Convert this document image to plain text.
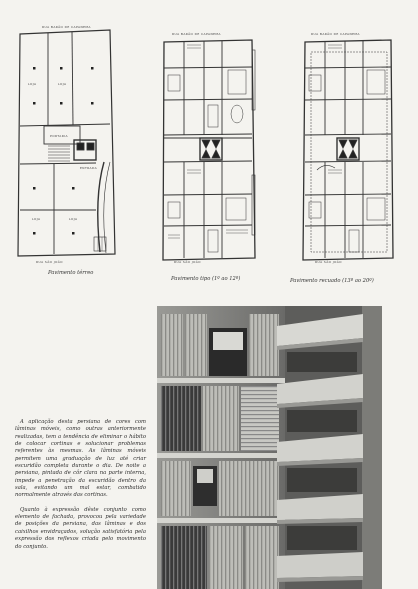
RUA BARÃO DE CAPANEMA
LOJA	LOJA
LOJA	LOJA
PORTARIA
ENTRADA
RUA SÃO JOÃO
Pavimento térreo
RUA BARÃO DE CAPANEMA
RUA SÃO JOÃO
Pavimento tipo (1º ao 12º)
RUA BARÃO DE CAPANEMA
RUA SÃO JOÃO
Pavimento recuado (13º ao 20º)

A aplicação desta persiana de cores com lâminas móveis, como outras anteriormente realizadas, tem a tendência de eliminar o hábito de colocar cortinas e solucionar problemas referentes às mesmas. As lâminas móveis permitem uma graduação de luz até criar escuridão completa durante o dia. De noite a persiana, pintada de côr clara na parte interna, impede a penetração da escuridão dentro da sala, evitando um mal estar, combatido normalmente através das cortinas.

Quanto à expressão dêste conjunto como elemento de fachada, provocou pela variedade de posições da persiana, das lâminas e dos caixilhos envidraçados, solução satisfatória pela expressão dos reflexos criada pelo movimento do conjunto.
